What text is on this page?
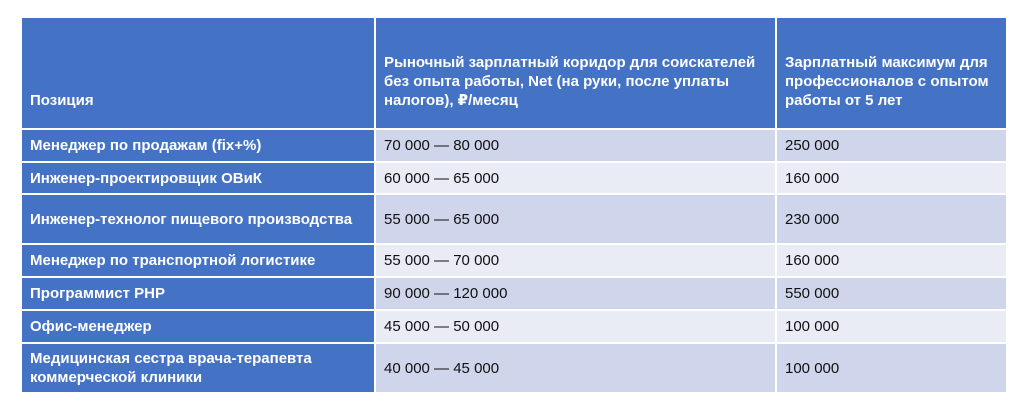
Позиция	Рыночный зарплатный коридор для соискателей без опыта работы, Net (на руки, после уплаты налогов), ₽/месяц	Зарплатный максимум для профессионалов с опытом работы от 5 лет
Менеджер по продажам (fix+%)	70 000 — 80 000	250 000
Инженер-проектировщик ОВиК	60 000 — 65 000	160 000
Инженер-технолог пищевого производства	55 000 — 65 000	230 000
Менеджер по транспортной логистике	55 000 — 70 000	160 000
Программист PHP	90 000 — 120 000	550 000
Офис-менеджер	45 000 — 50 000	100 000
Медицинская сестра врача-терапевта коммерческой клиники	40 000 — 45 000	100 000
